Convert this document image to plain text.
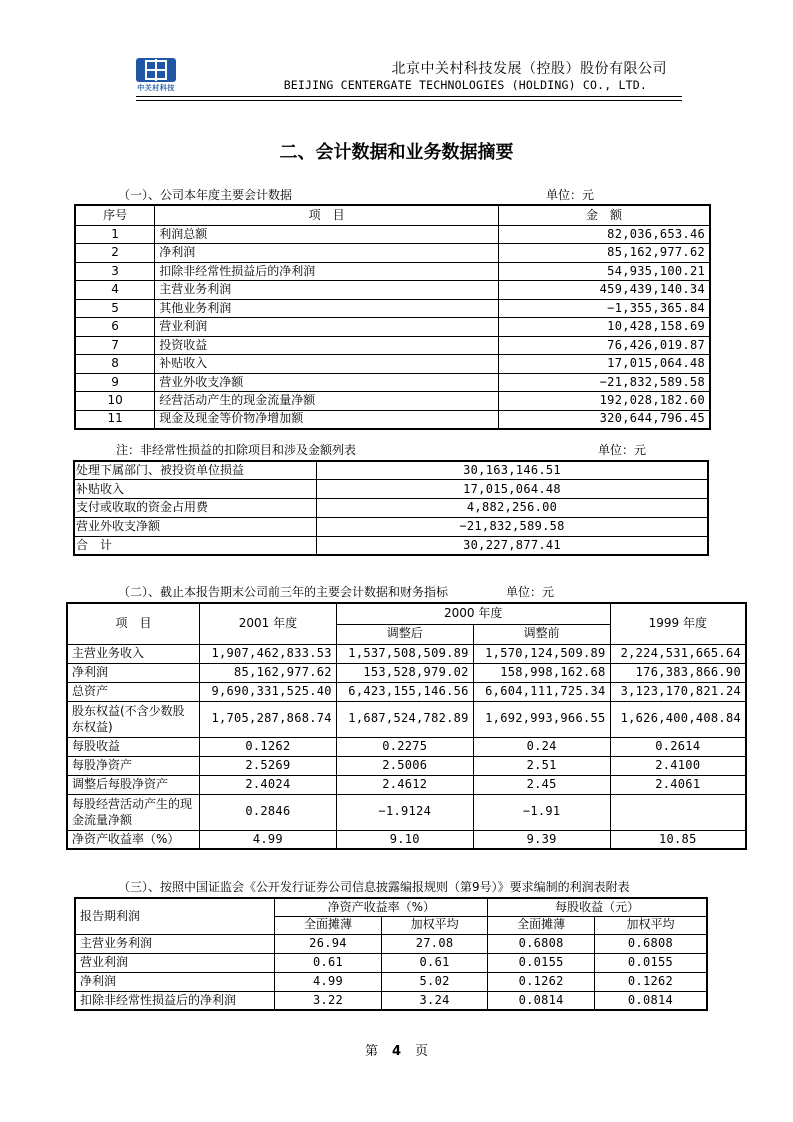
中关村科技
北京中关村科技发展（控股）股份有限公司
BEIJING CENTERGATE TECHNOLOGIES (HOLDING) CO., LTD.
二、会计数据和业务数据摘要
（一）、公司本年度主要会计数据	单位：元
序号	项　目	金　额
1	利润总额	82,036,653.46
2	净利润	85,162,977.62
3	扣除非经常性损益后的净利润	54,935,100.21
4	主营业务利润	459,439,140.34
5	其他业务利润	−1,355,365.84
6	营业利润	10,428,158.69
7	投资收益	76,426,019.87
8	补贴收入	17,015,064.48
9	营业外收支净额	−21,832,589.58
10	经营活动产生的现金流量净额	192,028,182.60
11	现金及现金等价物净增加额	320,644,796.45
注：非经常性损益的扣除项目和涉及金额列表	单位：元
处理下属部门、被投资单位损益	30,163,146.51
补贴收入	17,015,064.48
支付或收取的资金占用费	4,882,256.00
营业外收支净额	−21,832,589.58
合　计	30,227,877.41
（二）、截止本报告期末公司前三年的主要会计数据和财务指标	单位：元
项　目	2001 年度	2000 年度		1999 年度
		调整后	调整前	
主营业务收入	1,907,462,833.53	1,537,508,509.89	1,570,124,509.89	2,224,531,665.64
净利润	85,162,977.62	153,528,979.02	158,998,162.68	176,383,866.90
总资产	9,690,331,525.40	6,423,155,146.56	6,604,111,725.34	3,123,170,821.24
股东权益(不含少数股东权益)	1,705,287,868.74	1,687,524,782.89	1,692,993,966.55	1,626,400,408.84
每股收益	0.1262	0.2275	0.24	0.2614
每股净资产	2.5269	2.5006	2.51	2.4100
调整后每股净资产	2.4024	2.4612	2.45	2.4061
每股经营活动产生的现金流量净额	0.2846	−1.9124	−1.91	
净资产收益率（%）	4.99	9.10	9.39	10.85
（三）、按照中国证监会《公开发行证券公司信息披露编报规则（第9号）》要求编制的利润表附表
报告期利润	净资产收益率（%）		每股收益（元）	
	全面摊薄	加权平均	全面摊薄	加权平均
主营业务利润	26.94	27.08	0.6808	0.6808
营业利润	0.61	0.61	0.0155	0.0155
净利润	4.99	5.02	0.1262	0.1262
扣除非经常性损益后的净利润	3.22	3.24	0.0814	0.0814
第 4 页
